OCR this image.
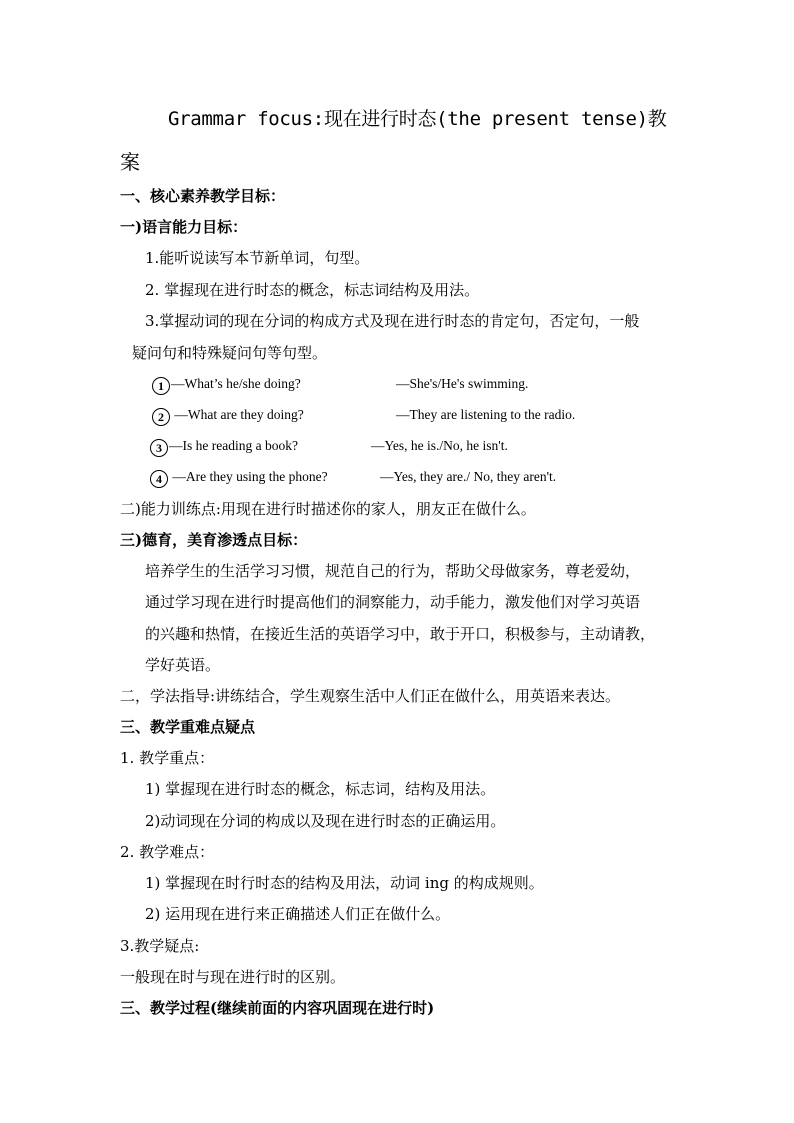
Grammar focus:现在进行时态(the present tense)教
案
一、核心素养教学目标：
一)语言能力目标：
1.能听说读写本节新单词，句型。
2. 掌握现在进行时态的概念，标志词结构及用法。
3.掌握动词的现在分词的构成方式及现在进行时态的肯定句，否定句，一般
疑问句和特殊疑问句等句型。
1 —What’s he/she doing?	—She's/He's swimming.
2 —What are they doing?	—They are listening to the radio.
3 —Is he reading a book?	—Yes, he is./No, he isn't.
4 —Are they using the phone?	—Yes, they are./ No, they aren't.
二)能力训练点:用现在进行时描述你的家人，朋友正在做什么。
三)德育，美育渗透点目标：
培养学生的生活学习习惯，规范自己的行为，帮助父母做家务，尊老爱幼，
通过学习现在进行时提高他们的洞察能力，动手能力，激发他们对学习英语
的兴趣和热情，在接近生活的英语学习中，敢于开口，积极参与，主动请教，
学好英语。
二，学法指导:讲练结合，学生观察生活中人们正在做什么，用英语来表达。
三、教学重难点疑点
1. 教学重点：
1) 掌握现在进行时态的概念，标志词，结构及用法。
2)动词现在分词的构成以及现在进行时态的正确运用。
2. 教学难点：
1) 掌握现在时行时态的结构及用法，动词 ing 的构成规则。
2) 运用现在进行来正确描述人们正在做什么。
3.教学疑点:
一般现在时与现在进行时的区别。
三、教学过程(继续前面的内容巩固现在进行时)
